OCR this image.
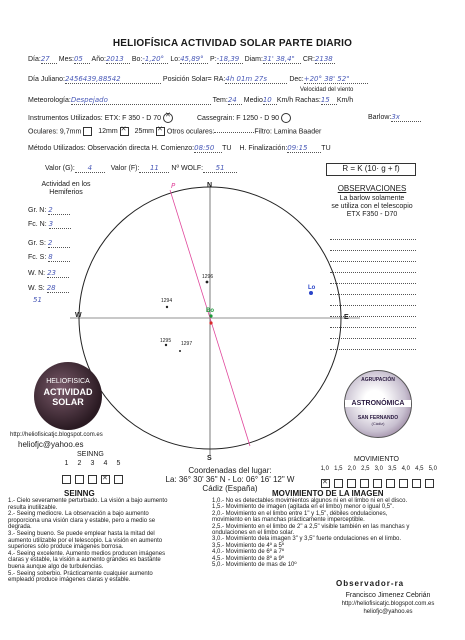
HELIOFÍSICA ACTIVIDAD SOLAR PARTE DIARIO
Día:27 Mes:05 Año:2013 Bo:-1,20° Lo:45,89° P:-18,39 Diam:31' 38,4" CR:2138
Día Juliano:2456439,88542	Posición Solar= RA:4h 01m 27s	Dec:+20° 38' 52"
Velocidad del viento
Meteorología:Despejado	Tem:24 Medio10 Km/h Rachas:15 Km/h
Instrumentos Utilizados: ETX: F 350 - D 70 ✕	Cassegrain: F 1250 - D 90
Oculares: 9,7mm 12mm ✕ 25mm ✕ Otros oculares:	Filtro: Lamina Baader
Barlow:3x
Método Utilizados: Observación directa H. Comienzo:08:50 TU H. Finalización:09:15 TU
Valor (G): 4	Valor (F): 11 Nº WOLF: 51	R = K (10· g + f)
Actividad en los
Hemiferios
Gr. N: 2
Fc. N: 3
Gr. S: 2
Fc. S: 8
W. N: 23
W. S: 28
51
OBSERVACIONES
La barlow solamente
se utiliza con el telescopio
ETX F350 - D70
N
S
E
W
P
Lo
Bo
1296
1294
1295 1297
HELIOFISICA
ACTIVIDAD
SOLAR
http://heliofisicatjc.blogspot.com.es
heliofjc@yahoo.es
AGRUPACIÓN
ASTRONÓMICA
SAN FERNANDO
(Cádiz)
SEINNG
1 2 3 4 5
✕
SEINNG
1.- Cielo severamente perturbado. La visión a bajo aumento resulta inutilizable.
2.- Seeing mediocre. La observación a bajo aumento proporciona una visión clara y estable, pero a medio se degrada.
3.- Seeing bueno. Se puede emplear hasta la mitad del aumento utilizable por el telescopio. La visión en aumento superiores sólo produce imágenes borrosa.
4.- Seeing excelente. Aumento medios producen imágenes claras y estable, la visión a aumento grandes es bastante buena aunque algo de turbulencias.
5.- Seeing soberbio. Prácticamente cualquier aumento empleado produce imágenes claras y estable.
Coordenadas del lugar:
La: 36° 30' 36" N - Lo: 06° 16' 12" W
Cádiz (España)
MOVIMIENTO
1,0 1,5 2,0 2,5 3,0 3,5 4,0 4,5 5,0
✕
MOVIMIENTO DE LA IMAGEN
1,0.- No es detectables movimientos algunos ni en el limbo ni en el disco.
1,5.- Movimiento de imagen (agitada en el limbo) menor o igual 0,5".
2,0.- Movimiento en el limbo entre 1" y 1,5", débiles ondulaciones, movimiento en las manchas prácticamente imperceptible.
2,5.- Movimiento en el limbo de 2" a 2,5" visible también en las manchas y ondulaciones en el limbo solar.
3,0.- Movimiento dela imagen 3" y 3,5" fuerte ondulaciones en el limbo.
3,5.- Movimiento de 4º a 5º
4,0.- Movimiento de 6º a 7º
4,5.- Movimiento de 8º a 9º
5,0.- Movimiento de mas de 10º
Observador-ra
Francisco Jimenez Cebrián
http://heliofisicatjc.blogspot.com.es
heliofjc@yahoo.es
